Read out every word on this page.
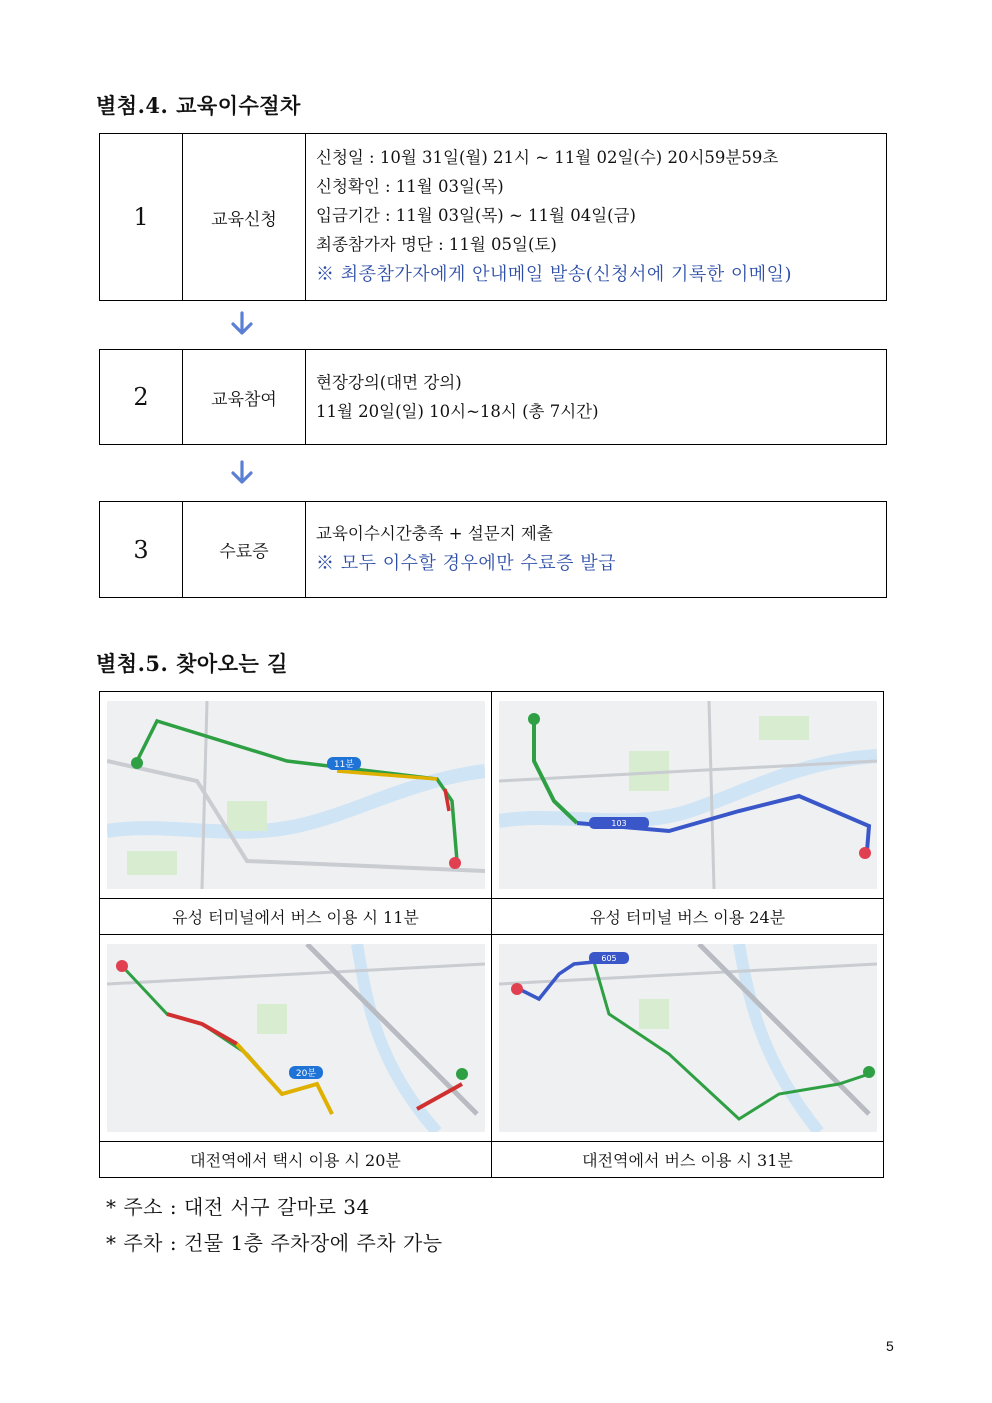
별첨.4. 교육이수절차
1	교육신청	
신청일 : 10월 31일(월) 21시 ~ 11월 02일(수) 20시59분59초
신청확인 : 11월 03일(목)
입금기간 : 11월 03일(목) ~ 11월 04일(금)
최종참가자 명단 : 11월 05일(토)
※ 최종참가자에게 안내메일 발송(신청서에 기록한 이메일)
2	교육참여	
현장강의(대면 강의)
11월 20일(일) 10시~18시 (총 7시간)
3	수료증	
교육이수시간충족 + 설문지 제출
※ 모두 이수할 경우에만 수료증 발급
별첨.5. 찾아오는 길
11분	103

유성 터미널에서 버스 이용 시 11분	유성 터미널 버스 이용 24분

20분	605

대전역에서 택시 이용 시 20분	대전역에서 버스 이용 시 31분
* 주소 : 대전 서구 갈마로 34
* 주차 : 건물 1층 주차장에 주차 가능
5
